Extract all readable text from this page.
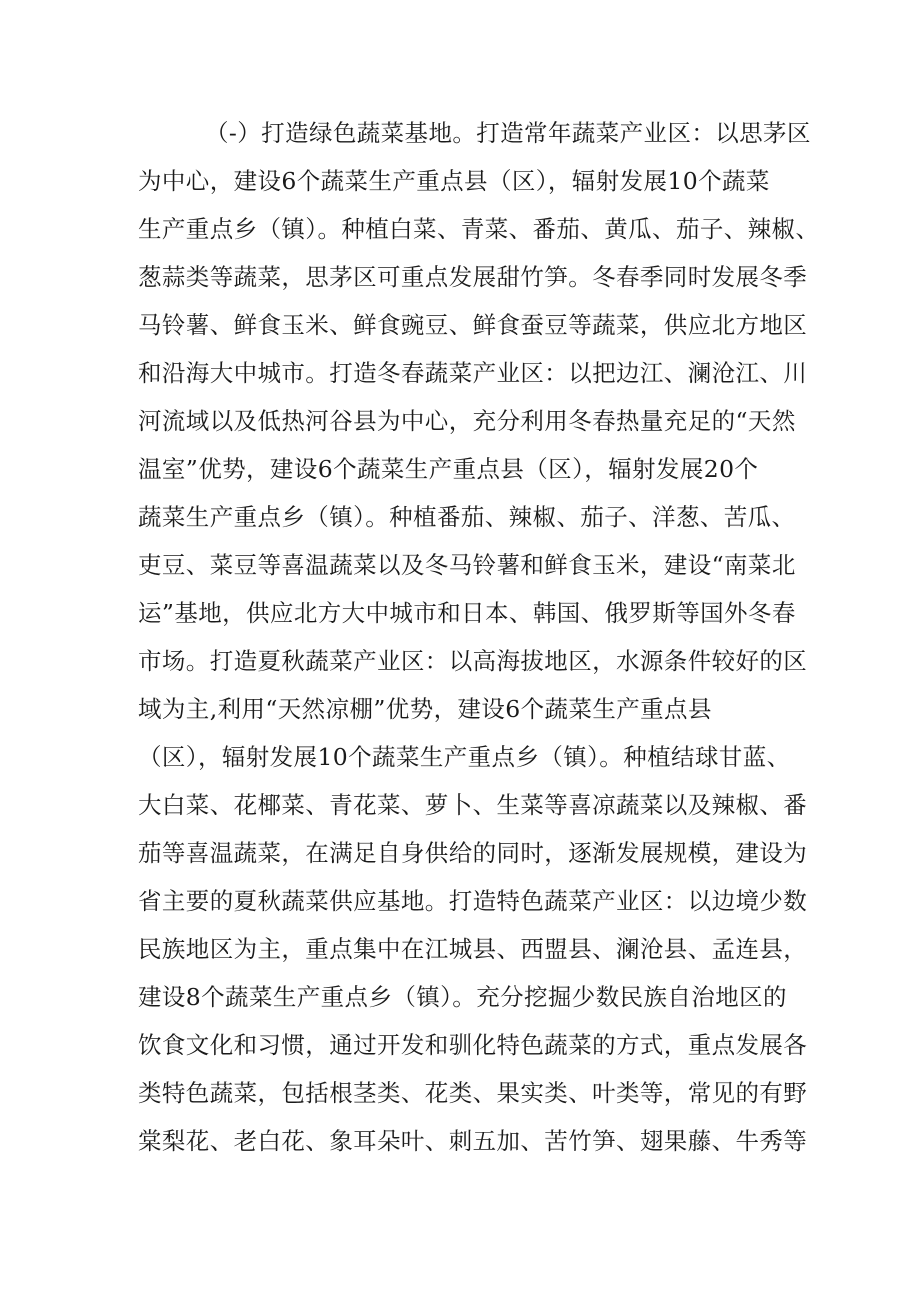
（-）打造绿色蔬菜基地。打造常年蔬菜产业区：以思茅区
为中心，建设6个蔬菜生产重点县（区），辐射发展10个蔬菜
生产重点乡（镇）。种植白菜、青菜、番茄、黄瓜、茄子、辣椒、
葱蒜类等蔬菜，思茅区可重点发展甜竹笋。冬春季同时发展冬季
马铃薯、鲜食玉米、鲜食豌豆、鲜食蚕豆等蔬菜，供应北方地区
和沿海大中城市。打造冬春蔬菜产业区：以把边江、澜沧江、川
河流域以及低热河谷县为中心，充分利用冬春热量充足的“天然
温室”优势，建设6个蔬菜生产重点县（区），辐射发展20个
蔬菜生产重点乡（镇）。种植番茄、辣椒、茄子、洋葱、苦瓜、
吏豆、菜豆等喜温蔬菜以及冬马铃薯和鲜食玉米，建设“南菜北
运”基地，供应北方大中城市和日本、韩国、俄罗斯等国外冬春
市场。打造夏秋蔬菜产业区：以高海拔地区，水源条件较好的区
域为主,利用“天然凉棚”优势，建设6个蔬菜生产重点县
（区），辐射发展10个蔬菜生产重点乡（镇）。种植结球甘蓝、
大白菜、花椰菜、青花菜、萝卜、生菜等喜凉蔬菜以及辣椒、番
茄等喜温蔬菜，在满足自身供给的同时，逐渐发展规模，建设为
省主要的夏秋蔬菜供应基地。打造特色蔬菜产业区：以边境少数
民族地区为主，重点集中在江城县、西盟县、澜沧县、孟连县，
建设8个蔬菜生产重点乡（镇）。充分挖掘少数民族自治地区的
饮食文化和习惯，通过开发和驯化特色蔬菜的方式，重点发展各
类特色蔬菜，包括根茎类、花类、果实类、叶类等，常见的有野
棠梨花、老白花、象耳朵叶、刺五加、苦竹笋、翅果藤、牛秀等
